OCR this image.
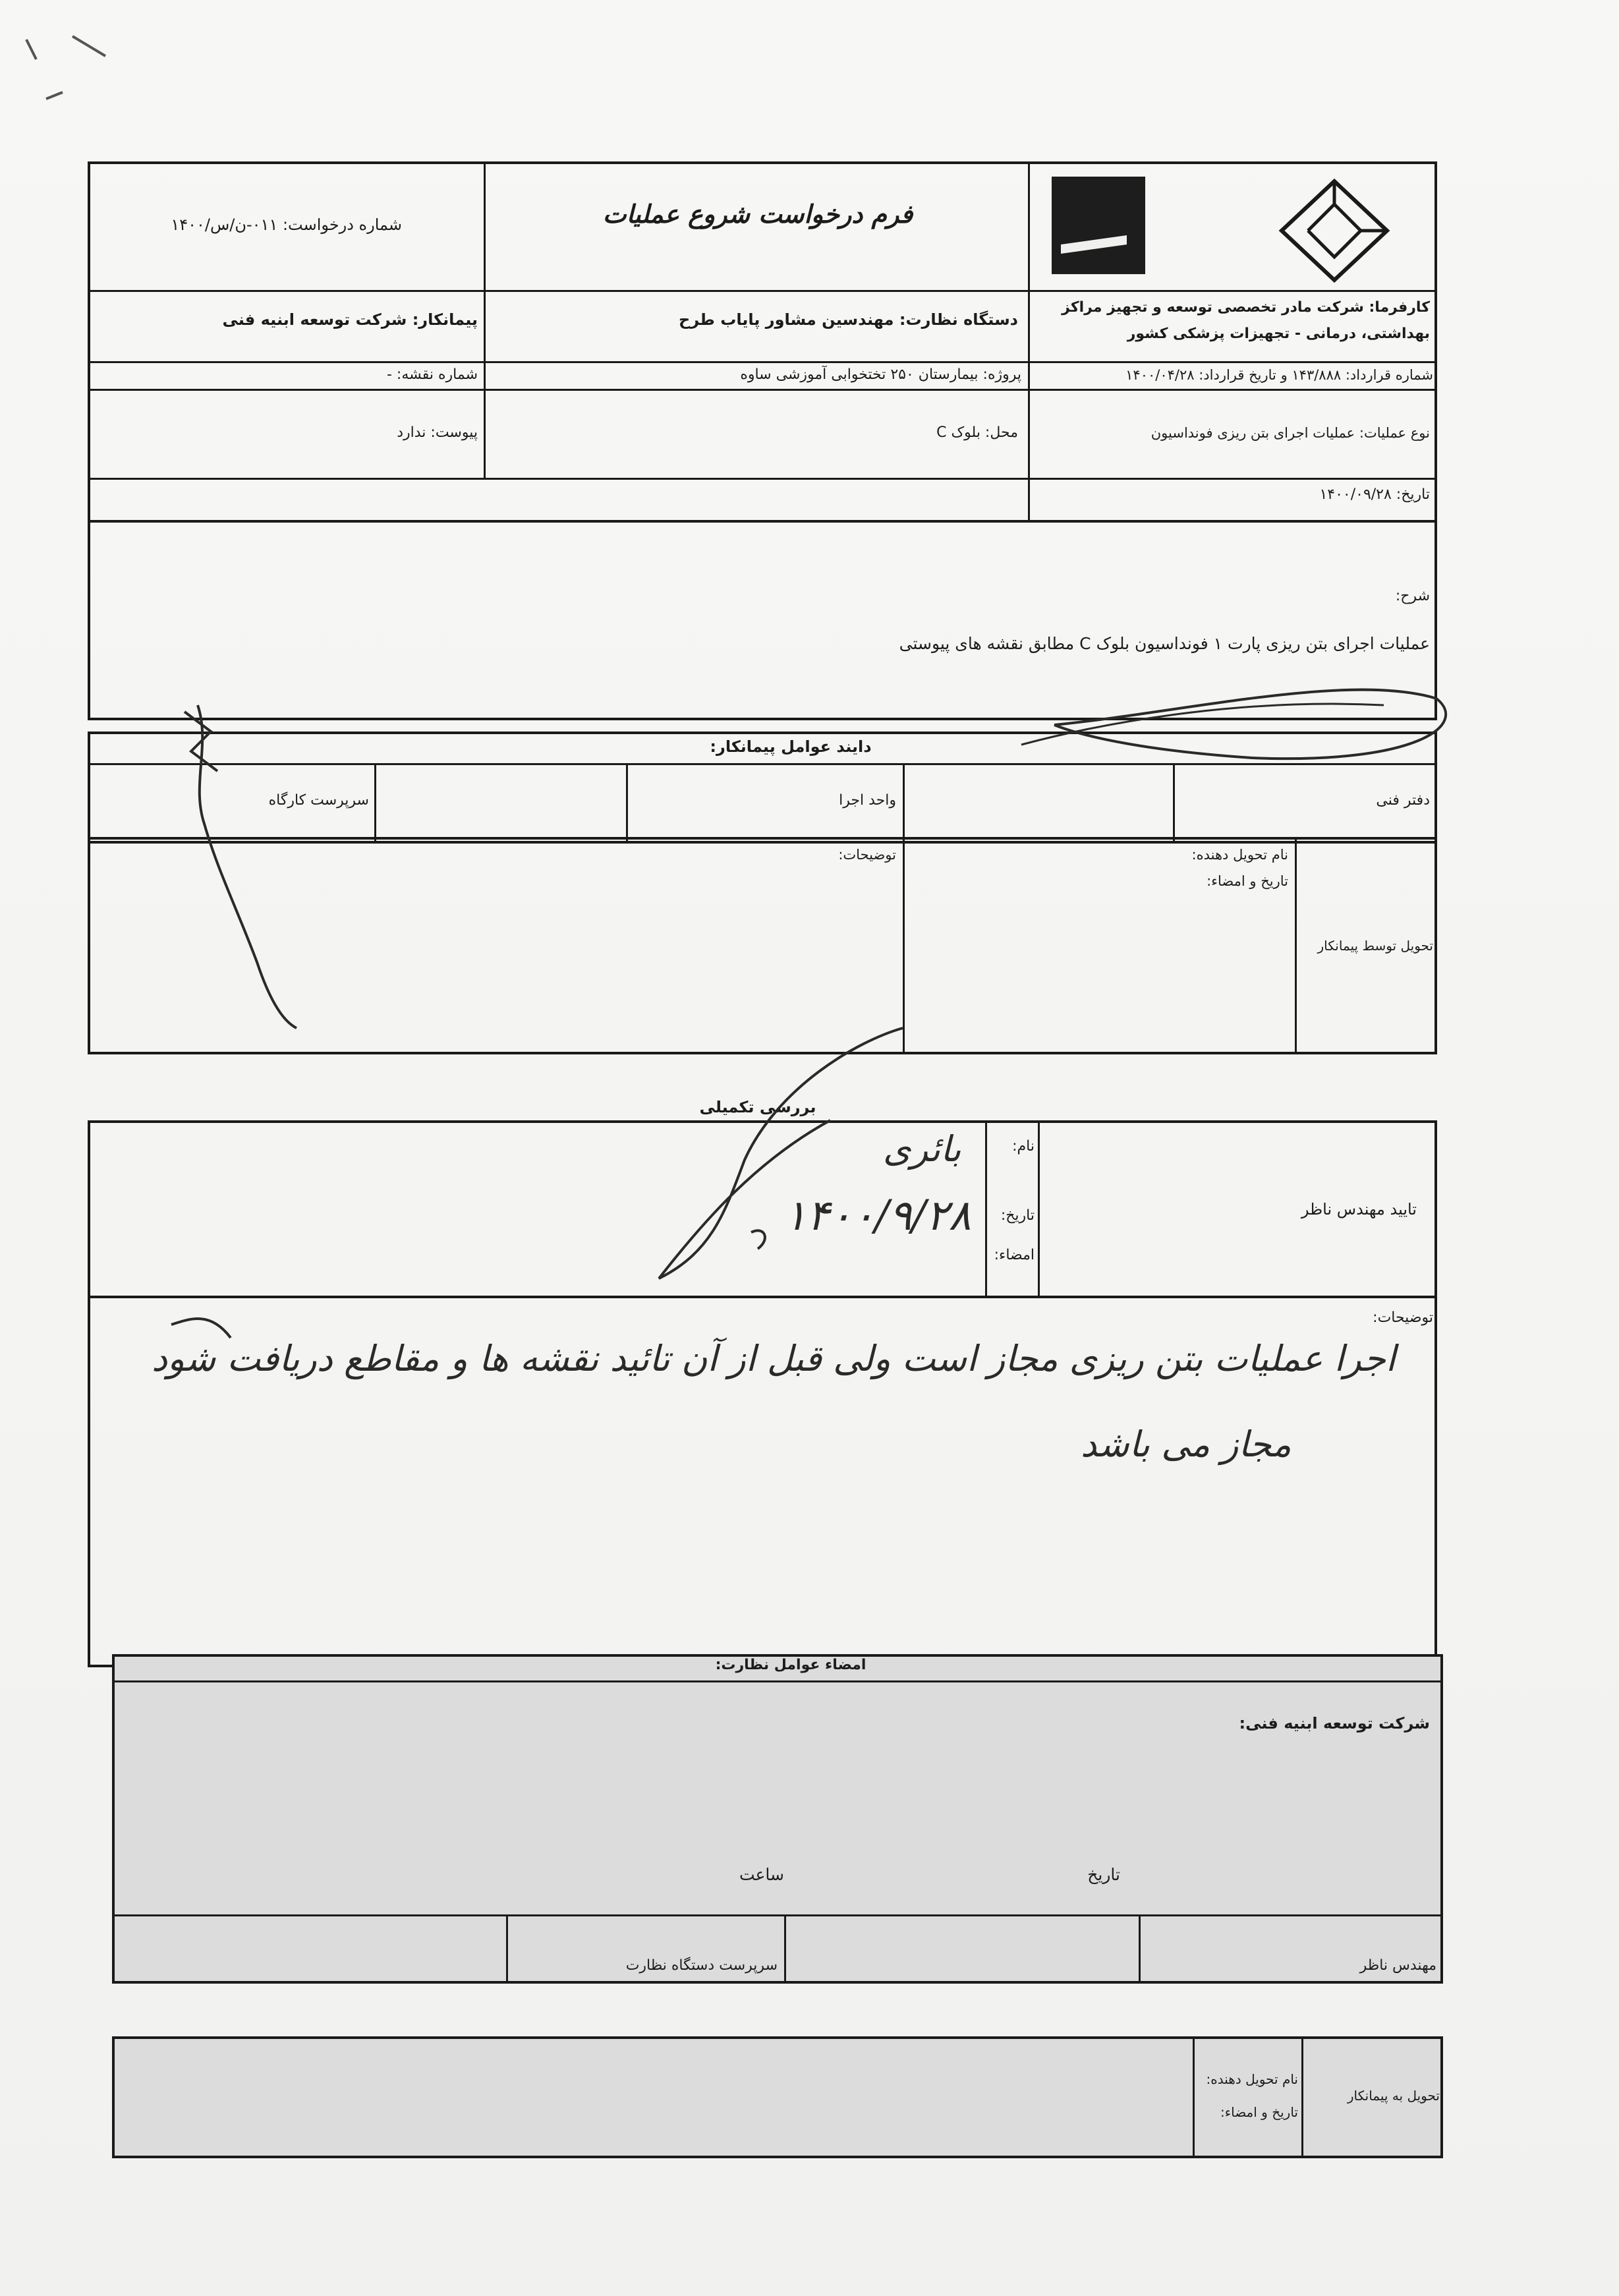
فرم درخواست شروع عملیات
شماره درخواست: ۰۱۱-ن/س/۱۴۰۰
کارفرما: شرکت مادر تخصصی توسعه و تجهیز مراکز
بهداشتی، درمانی - تجهیزات پزشکی کشور
دستگاه نظارت: مهندسین مشاور پایاب طرح
پیمانکار: شرکت توسعه ابنیه فنی
شماره قرارداد: ۱۴۳/۸۸۸ و تاریخ قرارداد: ۱۴۰۰/۰۴/۲۸
پروژه: بیمارستان ۲۵۰ تختخوابی آموزشی ساوه
شماره نقشه: -
نوع عملیات: عملیات اجرای بتن ریزی فونداسیون
محل: بلوک C
پیوست: ندارد
تاریخ: ۱۴۰۰/۰۹/۲۸
شرح:
عملیات اجرای بتن ریزی پارت ۱ فونداسیون بلوک C مطابق نقشه های پیوستی
دایند عوامل پیمانکار:
دفتر فنی
واحد اجرا
سرپرست کارگاه
تحویل توسط پیمانکار
نام تحویل دهنده:
تاریخ و امضاء:
توضیحات:
بررسی تکمیلی
تایید مهندس ناظر
نام:
تاریخ:
امضاء:
بائری
۱۴۰۰/۹/۲۸
توضیحات:
اجرا عملیات بتن ریزی مجاز است ولی قبل از آن تائید نقشه ها و مقاطع دریافت شود
مجاز می باشد
امضاء عوامل نظارت:
شرکت توسعه ابنیه فنی:
ساعت	تاریخ
مهندس ناظر
سرپرست دستگاه نظارت
تحویل به پیمانکار
نام تحویل دهنده:
تاریخ و امضاء:
